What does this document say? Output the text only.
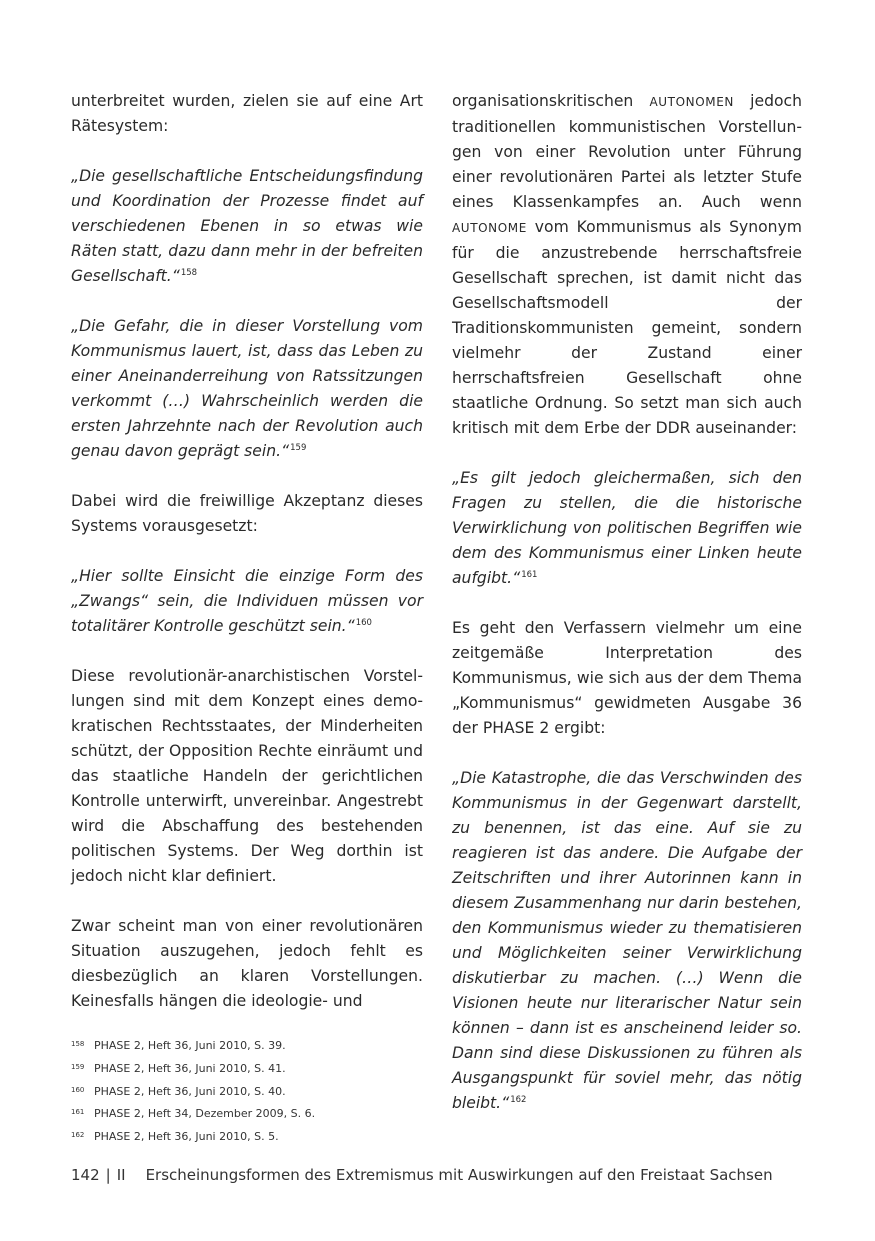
unterbreitet wurden, zielen sie auf eine Art Rätesystem:

„Die gesellschaftliche Entscheidungsfindung und Koordination der Prozesse findet auf verschiedenen Ebenen in so etwas wie Räten statt, dazu dann mehr in der befreiten Gesellschaft.“$^{158}$

„Die Gefahr, die in dieser Vorstellung vom Kommunismus lauert, ist, dass das Leben zu einer Aneinanderreihung von Ratssitzungen verkommt (…) Wahrscheinlich werden die ersten Jahrzehnte nach der Revolution auch genau davon geprägt sein.“$^{159}$

Dabei wird die freiwillige Akzeptanz dieses Systems vorausgesetzt:

„Hier sollte Einsicht die einzige Form des „Zwangs“ sein, die Individuen müssen vor totalitärer Kontrolle geschützt sein.“$^{160}$

Diese revolutionär-anarchistischen Vorstellungen sind mit dem Konzept eines demokratischen Rechtsstaates, der Minderheiten schützt, der Opposition Rechte einräumt und das staatliche Handeln der gerichtlichen Kontrolle unterwirft, unvereinbar. Angestrebt wird die Abschaffung des bestehenden politischen Systems. Der Weg dorthin ist jedoch nicht klar definiert.

Zwar scheint man von einer revolutionären Situation auszugehen, jedoch fehlt es diesbezüglich an klaren Vorstellungen. Keinesfalls hängen die ideologie- und

organisationskritischen AUTONOMEN jedoch traditionellen kommunistischen Vorstellungen von einer Revolution unter Führung einer revolutionären Partei als letzter Stufe eines Klassenkampfes an. Auch wenn AUTONOME vom Kommunismus als Synonym für die anzustrebende herrschaftsfreie Gesellschaft sprechen, ist damit nicht das Gesellschaftsmodell der Traditionskommunisten gemeint, sondern vielmehr der Zustand einer herrschaftsfreien Gesellschaft ohne staatliche Ordnung. So setzt man sich auch kritisch mit dem Erbe der DDR auseinander:

„Es gilt jedoch gleichermaßen, sich den Fragen zu stellen, die die historische Verwirklichung von politischen Begriffen wie dem des Kommunismus einer Linken heute aufgibt.“$^{161}$

Es geht den Verfassern vielmehr um eine zeitgemäße Interpretation des Kommunismus, wie sich aus der dem Thema „Kommunismus“ gewidmeten Ausgabe 36 der PHASE 2 ergibt:

„Die Katastrophe, die das Verschwinden des Kommunismus in der Gegenwart darstellt, zu benennen, ist das eine. Auf sie zu reagieren ist das andere. Die Aufgabe der Zeitschriften und ihrer Autorinnen kann in diesem Zusammenhang nur darin bestehen, den Kommunismus wieder zu thematisieren und Möglichkeiten seiner Verwirklichung diskutierbar zu machen. (…) Wenn die Visionen heute nur literarischer Natur sein können – dann ist es anscheinend leider so. Dann sind diese Diskussionen zu führen als Ausgangspunkt für soviel mehr, das nötig bleibt.“$^{162}$

158 PHASE 2, Heft 36, Juni 2010, S. 39.
159 PHASE 2, Heft 36, Juni 2010, S. 41.
160 PHASE 2, Heft 36, Juni 2010, S. 40.
161 PHASE 2, Heft 34, Dezember 2009, S. 6.
162 PHASE 2, Heft 36, Juni 2010, S. 5.
142 | II Erscheinungsformen des Extremismus mit Auswirkungen auf den Freistaat Sachsen
